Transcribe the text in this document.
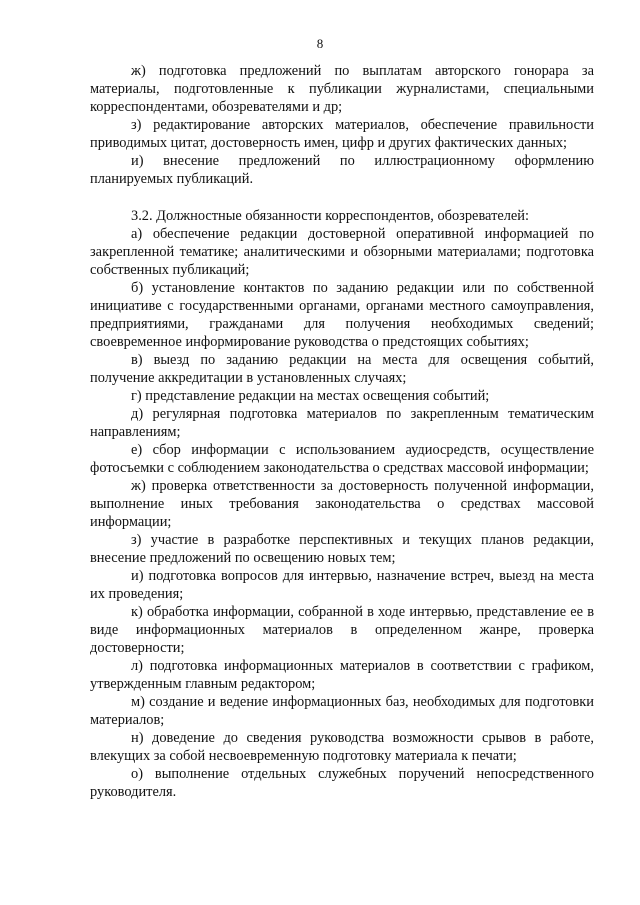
8

ж) подготовка предложений по выплатам авторского гонорара за материалы, подготовленные к публикации журналистами, специальными корреспондентами, обозревателями и др;

з) редактирование авторских материалов, обеспечение правильности приводимых цитат, достоверность имен, цифр и других фактических данных;

и) внесение предложений по иллюстрационному оформлению планируемых публикаций.

3.2. Должностные обязанности корреспондентов, обозревателей:

а) обеспечение редакции достоверной оперативной информацией по закрепленной тематике; аналитическими и обзорными материалами; подготовка собственных публикаций;

б) установление контактов по заданию редакции или по собственной инициативе с государственными органами, органами местного самоуправления, предприятиями, гражданами для получения необходимых сведений; своевременное информирование руководства о предстоящих событиях;

в) выезд по заданию редакции на места для освещения событий, получение аккредитации в установленных случаях;

г) представление редакции на местах освещения событий;

д) регулярная подготовка материалов по закрепленным тематическим направлениям;

е) сбор информации с использованием аудиосредств, осуществление фотосъемки с соблюдением законодательства о средствах массовой информации;

ж) проверка ответственности за достоверность полученной информации, выполнение иных требования законодательства о средствах массовой информации;

з) участие в разработке перспективных и текущих планов редакции, внесение предложений по освещению новых тем;

и) подготовка вопросов для интервью, назначение встреч, выезд на места их проведения;

к) обработка информации, собранной в ходе интервью, представление ее в виде информационных материалов в определенном жанре, проверка достоверности;

л) подготовка информационных материалов в соответствии с графиком, утвержденным главным редактором;

м) создание и ведение информационных баз, необходимых для подготовки материалов;

н) доведение до сведения руководства возможности срывов в работе, влекущих за собой несвоевременную подготовку материала к печати;

о) выполнение отдельных служебных поручений непосредственного руководителя.
